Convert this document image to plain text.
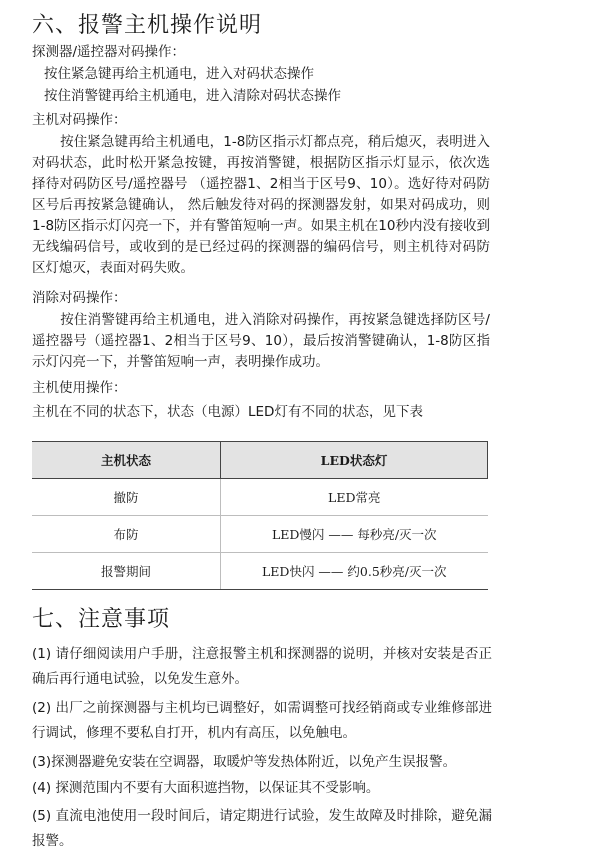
六、报警主机操作说明
探测器/遥控器对码操作：
按住紧急键再给主机通电，进入对码状态操作
按住消警键再给主机通电，进入清除对码状态操作
主机对码操作：
按住紧急键再给主机通电，1-8防区指示灯都点亮，稍后熄灭，表明进入对码状态，此时松开紧急按键，再按消警键，根据防区指示灯显示，依次选择待对码防区号/遥控器号 （遥控器1、2相当于区号9、10）。选好待对码防区号后再按紧急键确认， 然后触发待对码的探测器发射，如果对码成功，则1-8防区指示灯闪亮一下，并有警笛短响一声。如果主机在10秒内没有接收到无线编码信号，或收到的是已经过码的探测器的编码信号，则主机待对码防区灯熄灭，表面对码失败。
消除对码操作：
按住消警键再给主机通电，进入消除对码操作，再按紧急键选择防区号/遥控器号（遥控器1、2相当于区号9、10），最后按消警键确认，1-8防区指示灯闪亮一下，并警笛短响一声，表明操作成功。
主机使用操作：
主机在不同的状态下，状态（电源）LED灯有不同的状态，见下表
主机状态	LED状态灯
撤防	LED常亮
布防	LED慢闪 —— 每秒亮/灭一次
报警期间	LED快闪 —— 约0.5秒亮/灭一次
七、注意事项
(1) 请仔细阅读用户手册，注意报警主机和探测器的说明，并核对安装是否正确后再行通电试验，以免发生意外。
(2) 出厂之前探测器与主机均已调整好，如需调整可找经销商或专业维修部进行调试，修理不要私自打开，机内有高压，以免触电。
(3)探测器避免安装在空调器，取暖炉等发热体附近，以免产生误报警。
(4) 探测范围内不要有大面积遮挡物，以保证其不受影响。
(5) 直流电池使用一段时间后，请定期进行试验，发生故障及时排除，避免漏报警。
